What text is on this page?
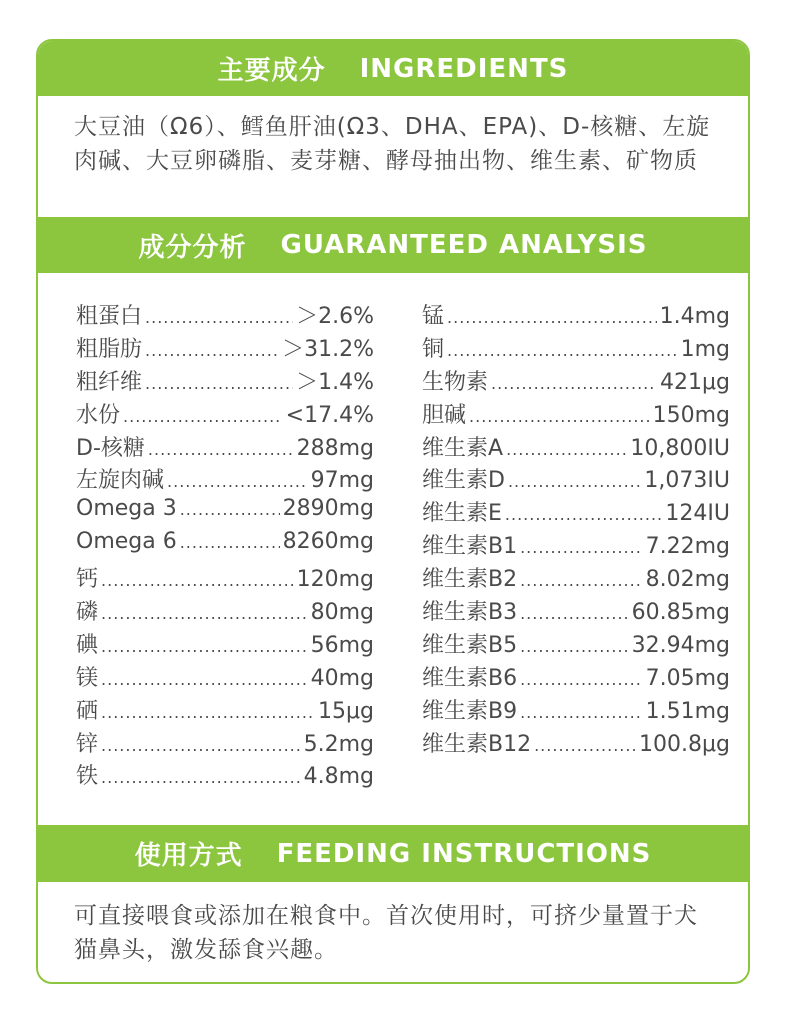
主要成分 INGREDIENTS

大豆油（Ω6）、鳕鱼肝油(Ω3、DHA、EPA)、D-核糖、左旋肉碱、大豆卵磷脂、麦芽糖、酵母抽出物、维生素、矿物质

成分分析 GUARANTEED ANALYSIS
粗蛋白 .....	＞2.6%
粗脂肪 .....	＞31.2%
粗纤维 .....	＞1.4%
水份 .....	<17.4%
D-核糖 .....	288mg
左旋肉碱 .....	97mg
Omega 3 .....	2890mg
Omega 6 .....	8260mg
钙 .....	120mg
磷 .....	80mg
碘 .....	56mg
镁 .....	40mg
硒 .....	15μg
锌 .....	5.2mg
铁 .....	4.8mg
锰 .....	1.4mg
铜 .....	1mg
生物素 .....	421μg
胆碱 .....	150mg
维生素A .....	10,800IU
维生素D .....	1,073IU
维生素E .....	124IU
维生素B1 .....	7.22mg
维生素B2 .....	8.02mg
维生素B3 .....	60.85mg
维生素B5 .....	32.94mg
维生素B6 .....	7.05mg
维生素B9 .....	1.51mg
维生素B12 .....	100.8μg
使用方式 FEEDING INSTRUCTIONS

可直接喂食或添加在粮食中。首次使用时，可挤少量置于犬猫鼻头，激发舔食兴趣。
